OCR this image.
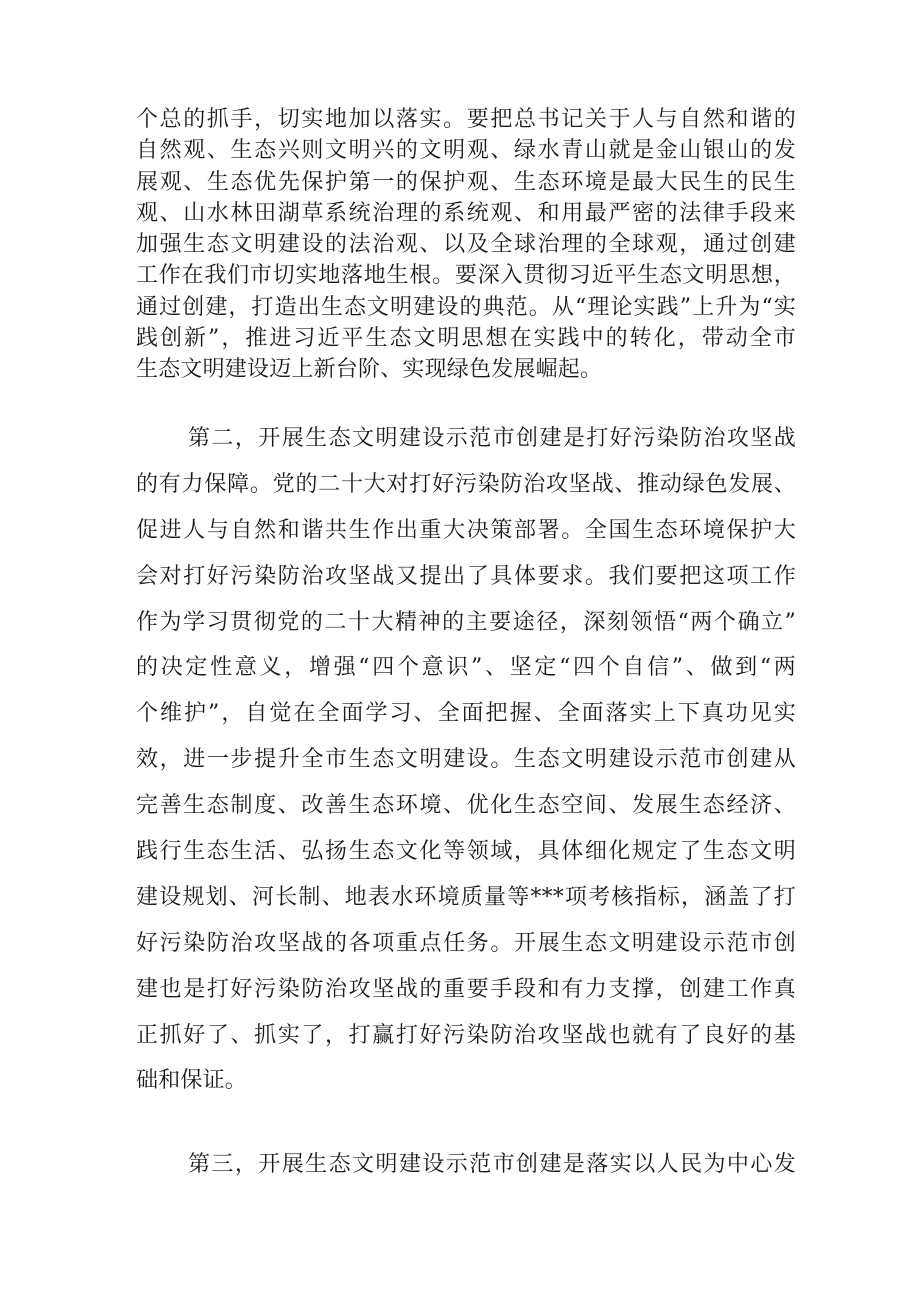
个总的抓手，切实地加以落实。要把总书记关于人与自然和谐的
自然观、生态兴则文明兴的文明观、绿水青山就是金山银山的发
展观、生态优先保护第一的保护观、生态环境是最大民生的民生
观、山水林田湖草系统治理的系统观、和用最严密的法律手段来
加强生态文明建设的法治观、以及全球治理的全球观，通过创建
工作在我们市切实地落地生根。要深入贯彻习近平生态文明思想，
通过创建，打造出生态文明建设的典范。从“理论实践”上升为“实
践创新”，推进习近平生态文明思想在实践中的转化，带动全市
生态文明建设迈上新台阶、实现绿色发展崛起。
第二，开展生态文明建设示范市创建是打好污染防治攻坚战
的有力保障。党的二十大对打好污染防治攻坚战、推动绿色发展、
促进人与自然和谐共生作出重大决策部署。全国生态环境保护大
会对打好污染防治攻坚战又提出了具体要求。我们要把这项工作
作为学习贯彻党的二十大精神的主要途径，深刻领悟“两个确立”
的决定性意义，增强“四个意识”、坚定“四个自信”、做到“两
个维护”，自觉在全面学习、全面把握、全面落实上下真功见实
效，进一步提升全市生态文明建设。生态文明建设示范市创建从
完善生态制度、改善生态环境、优化生态空间、发展生态经济、
践行生态生活、弘扬生态文化等领域，具体细化规定了生态文明
建设规划、河长制、地表水环境质量等***项考核指标，涵盖了打
好污染防治攻坚战的各项重点任务。开展生态文明建设示范市创
建也是打好污染防治攻坚战的重要手段和有力支撑，创建工作真
正抓好了、抓实了，打赢打好污染防治攻坚战也就有了良好的基
础和保证。
第三，开展生态文明建设示范市创建是落实以人民为中心发
